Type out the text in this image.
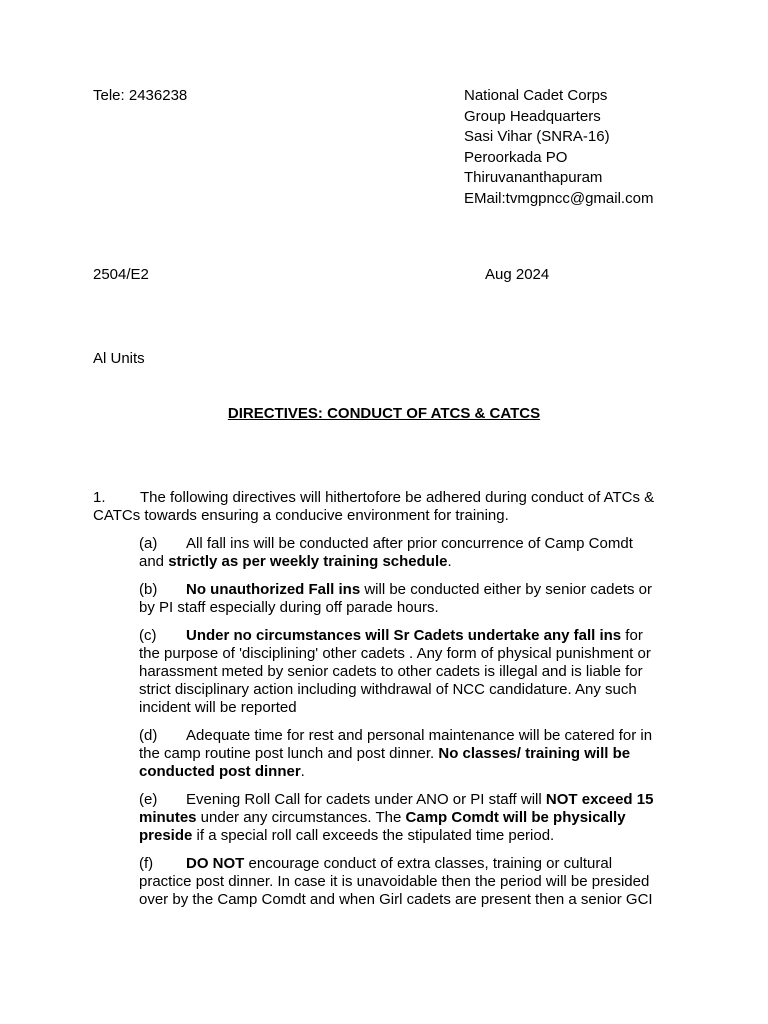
Tele: 2436238	National Cadet Corps
Group Headquarters
Sasi Vihar (SNRA-16)
Peroorkada PO
Thiruvananthapuram
EMail:tvmgpncc@gmail.com
2504/E2	Aug 2024
Al Units
DIRECTIVES: CONDUCT OF ATCS & CATCS
1. The following directives will hithertofore be adhered during conduct of ATCs &
CATCs towards ensuring a conducive environment for training.
(a) All fall ins will be conducted after prior concurrence of Camp Comdt
and strictly as per weekly training schedule.
(b) No unauthorized Fall ins will be conducted either by senior cadets or
by PI staff especially during off parade hours.
(c) Under no circumstances will Sr Cadets undertake any fall ins for
the purpose of 'disciplining' other cadets . Any form of physical punishment or
harassment meted by senior cadets to other cadets is illegal and is liable for
strict disciplinary action including withdrawal of NCC candidature. Any such
incident will be reported
(d) Adequate time for rest and personal maintenance will be catered for in
the camp routine post lunch and post dinner. No classes/ training will be
conducted post dinner.
(e) Evening Roll Call for cadets under ANO or PI staff will NOT exceed 15
minutes under any circumstances. The Camp Comdt will be physically
preside if a special roll call exceeds the stipulated time period.
(f) DO NOT encourage conduct of extra classes, training or cultural
practice post dinner. In case it is unavoidable then the period will be presided
over by the Camp Comdt and when Girl cadets are present then a senior GCI
